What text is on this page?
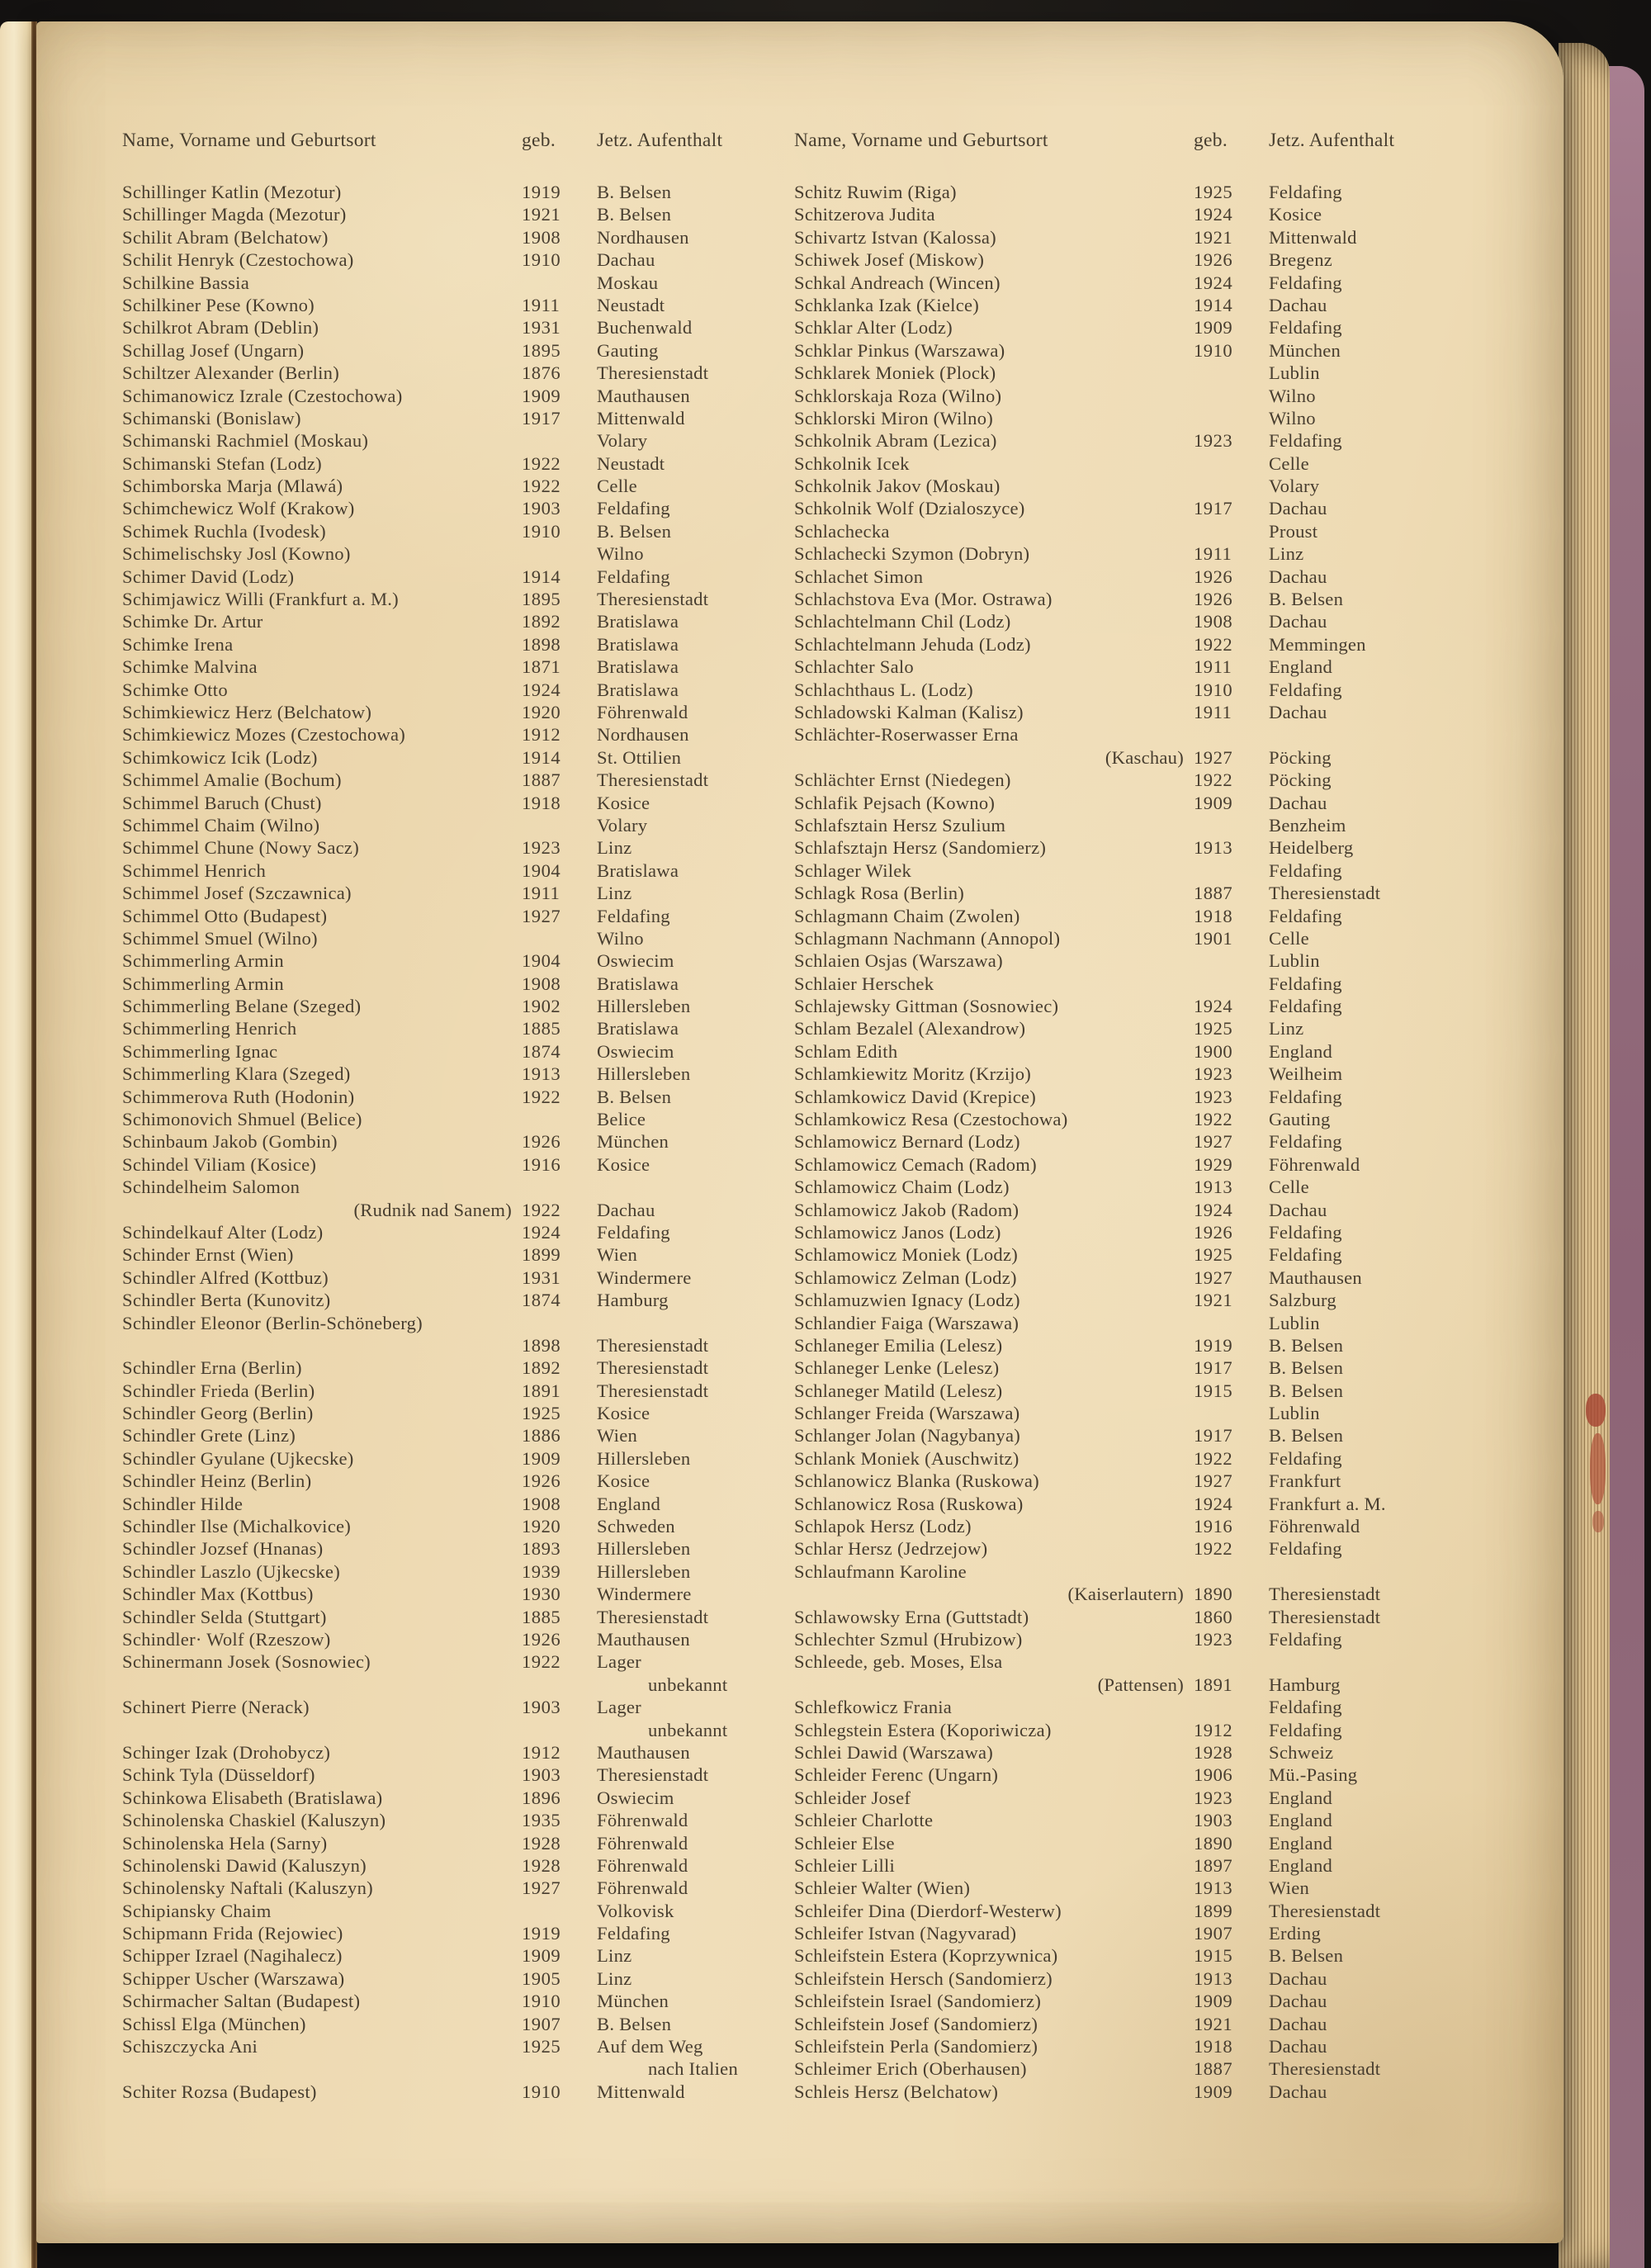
Name, Vorname und Geburtsort	geb. Jetz. Aufenthalt	Name, Vorname und Geburtsort	geb. Jetz. Aufenthalt
Schillinger Katlin (Mezotur)	1919 B. Belsen
Schillinger Magda (Mezotur)	1921 B. Belsen
Schilit Abram (Belchatow)	1908 Nordhausen
Schilit Henryk (Czestochowa)	1910 Dachau
Schilkine Bassia	Moskau
Schilkiner Pese (Kowno)	1911 Neustadt
Schilkrot Abram (Deblin)	1931 Buchenwald
Schillag Josef (Ungarn)	1895 Gauting
Schiltzer Alexander (Berlin)	1876 Theresienstadt
Schimanowicz Izrale (Czestochowa)	1909 Mauthausen
Schimanski (Bonislaw)	1917 Mittenwald
Schimanski Rachmiel (Moskau)	Volary
Schimanski Stefan (Lodz)	1922 Neustadt
Schimborska Marja (Mlawá)	1922 Celle
Schimchewicz Wolf (Krakow)	1903 Feldafing
Schimek Ruchla (Ivodesk)	1910 B. Belsen
Schimelischsky Josl (Kowno)	Wilno
Schimer David (Lodz)	1914 Feldafing
Schimjawicz Willi (Frankfurt a. M.)	1895 Theresienstadt
Schimke Dr. Artur	1892 Bratislawa
Schimke Irena	1898 Bratislawa
Schimke Malvina	1871 Bratislawa
Schimke Otto	1924 Bratislawa
Schimkiewicz Herz (Belchatow)	1920 Föhrenwald
Schimkiewicz Mozes (Czestochowa)	1912 Nordhausen
Schimkowicz Icik (Lodz)	1914 St. Ottilien
Schimmel Amalie (Bochum)	1887 Theresienstadt
Schimmel Baruch (Chust)	1918 Kosice
Schimmel Chaim (Wilno)	Volary
Schimmel Chune (Nowy Sacz)	1923 Linz
Schimmel Henrich	1904 Bratislawa
Schimmel Josef (Szczawnica)	1911 Linz
Schimmel Otto (Budapest)	1927 Feldafing
Schimmel Smuel (Wilno)	Wilno
Schimmerling Armin	1904 Oswiecim
Schimmerling Armin	1908 Bratislawa
Schimmerling Belane (Szeged)	1902 Hillersleben
Schimmerling Henrich	1885 Bratislawa
Schimmerling Ignac	1874 Oswiecim
Schimmerling Klara (Szeged)	1913 Hillersleben
Schimmerova Ruth (Hodonin)	1922 B. Belsen
Schimonovich Shmuel (Belice)	Belice
Schinbaum Jakob (Gombin)	1926 München
Schindel Viliam (Kosice)	1916 Kosice
Schindelheim Salomon
(Rudnik nad Sanem) 1922 Dachau
Schindelkauf Alter (Lodz)	1924 Feldafing
Schinder Ernst (Wien)	1899 Wien
Schindler Alfred (Kottbuz)	1931 Windermere
Schindler Berta (Kunovitz)	1874 Hamburg
Schindler Eleonor (Berlin-Schöneberg)
1898 Theresienstadt
Schindler Erna (Berlin)	1892 Theresienstadt
Schindler Frieda (Berlin)	1891 Theresienstadt
Schindler Georg (Berlin)	1925 Kosice
Schindler Grete (Linz)	1886 Wien
Schindler Gyulane (Ujkecske)	1909 Hillersleben
Schindler Heinz (Berlin)	1926 Kosice
Schindler Hilde	1908 England
Schindler Ilse (Michalkovice)	1920 Schweden
Schindler Jozsef (Hnanas)	1893 Hillersleben
Schindler Laszlo (Ujkecske)	1939 Hillersleben
Schindler Max (Kottbus)	1930 Windermere
Schindler Selda (Stuttgart)	1885 Theresienstadt
Schindler· Wolf (Rzeszow)	1926 Mauthausen
Schinermann Josek (Sosnowiec)	1922 Lager
unbekannt
Schinert Pierre (Nerack)	1903 Lager
unbekannt
Schinger Izak (Drohobycz)	1912 Mauthausen
Schink Tyla (Düsseldorf)	1903 Theresienstadt
Schinkowa Elisabeth (Bratislawa)	1896 Oswiecim
Schinolenska Chaskiel (Kaluszyn)	1935 Föhrenwald
Schinolenska Hela (Sarny)	1928 Föhrenwald
Schinolenski Dawid (Kaluszyn)	1928 Föhrenwald
Schinolensky Naftali (Kaluszyn)	1927 Föhrenwald
Schipiansky Chaim	Volkovisk
Schipmann Frida (Rejowiec)	1919 Feldafing
Schipper Izrael (Nagihalecz)	1909 Linz
Schipper Uscher (Warszawa)	1905 Linz
Schirmacher Saltan (Budapest)	1910 München
Schissl Elga (München)	1907 B. Belsen
Schiszczycka Ani	1925 Auf dem Weg
nach Italien
Schiter Rozsa (Budapest)	1910 Mittenwald
Schitz Ruwim (Riga)	1925 Feldafing
Schitzerova Judita	1924 Kosice
Schivartz Istvan (Kalossa)	1921 Mittenwald
Schiwek Josef (Miskow)	1926 Bregenz
Schkal Andreach (Wincen)	1924 Feldafing
Schklanka Izak (Kielce)	1914 Dachau
Schklar Alter (Lodz)	1909 Feldafing
Schklar Pinkus (Warszawa)	1910 München
Schklarek Moniek (Plock)	Lublin
Schklorskaja Roza (Wilno)	Wilno
Schklorski Miron (Wilno)	Wilno
Schkolnik Abram (Lezica)	1923 Feldafing
Schkolnik Icek	Celle
Schkolnik Jakov (Moskau)	Volary
Schkolnik Wolf (Dzialoszyce)	1917 Dachau
Schlachecka	Proust
Schlachecki Szymon (Dobryn)	1911 Linz
Schlachet Simon	1926 Dachau
Schlachstova Eva (Mor. Ostrawa)	1926 B. Belsen
Schlachtelmann Chil (Lodz)	1908 Dachau
Schlachtelmann Jehuda (Lodz)	1922 Memmingen
Schlachter Salo	1911 England
Schlachthaus L. (Lodz)	1910 Feldafing
Schladowski Kalman (Kalisz)	1911 Dachau
Schlächter-Roserwasser Erna
(Kaschau) 1927 Pöcking
Schlächter Ernst (Niedegen)	1922 Pöcking
Schlafik Pejsach (Kowno)	1909 Dachau
Schlafsztain Hersz Szulium	Benzheim
Schlafsztajn Hersz (Sandomierz)	1913 Heidelberg
Schlager Wilek	Feldafing
Schlagk Rosa (Berlin)	1887 Theresienstadt
Schlagmann Chaim (Zwolen)	1918 Feldafing
Schlagmann Nachmann (Annopol)	1901 Celle
Schlaien Osjas (Warszawa)	Lublin
Schlaier Herschek	Feldafing
Schlajewsky Gittman (Sosnowiec)	1924 Feldafing
Schlam Bezalel (Alexandrow)	1925 Linz
Schlam Edith	1900 England
Schlamkiewitz Moritz (Krzijo)	1923 Weilheim
Schlamkowicz David (Krepice)	1923 Feldafing
Schlamkowicz Resa (Czestochowa)	1922 Gauting
Schlamowicz Bernard (Lodz)	1927 Feldafing
Schlamowicz Cemach (Radom)	1929 Föhrenwald
Schlamowicz Chaim (Lodz)	1913 Celle
Schlamowicz Jakob (Radom)	1924 Dachau
Schlamowicz Janos (Lodz)	1926 Feldafing
Schlamowicz Moniek (Lodz)	1925 Feldafing
Schlamowicz Zelman (Lodz)	1927 Mauthausen
Schlamuzwien Ignacy (Lodz)	1921 Salzburg
Schlandier Faiga (Warszawa)	Lublin
Schlaneger Emilia (Lelesz)	1919 B. Belsen
Schlaneger Lenke (Lelesz)	1917 B. Belsen
Schlaneger Matild (Lelesz)	1915 B. Belsen
Schlanger Freida (Warszawa)	Lublin
Schlanger Jolan (Nagybanya)	1917 B. Belsen
Schlank Moniek (Auschwitz)	1922 Feldafing
Schlanowicz Blanka (Ruskowa)	1927 Frankfurt
Schlanowicz Rosa (Ruskowa)	1924 Frankfurt a. M.
Schlapok Hersz (Lodz)	1916 Föhrenwald
Schlar Hersz (Jedrzejow)	1922 Feldafing
Schlaufmann Karoline
(Kaiserlautern) 1890 Theresienstadt
Schlawowsky Erna (Guttstadt)	1860 Theresienstadt
Schlechter Szmul (Hrubizow)	1923 Feldafing
Schleede, geb. Moses, Elsa
(Pattensen) 1891 Hamburg
Schlefkowicz Frania	Feldafing
Schlegstein Estera (Koporiwicza)	1912 Feldafing
Schlei Dawid (Warszawa)	1928 Schweiz
Schleider Ferenc (Ungarn)	1906 Mü.-Pasing
Schleider Josef	1923 England
Schleier Charlotte	1903 England
Schleier Else	1890 England
Schleier Lilli	1897 England
Schleier Walter (Wien)	1913 Wien
Schleifer Dina (Dierdorf-Westerw)	1899 Theresienstadt
Schleifer Istvan (Nagyvarad)	1907 Erding
Schleifstein Estera (Koprzywnica)	1915 B. Belsen
Schleifstein Hersch (Sandomierz)	1913 Dachau
Schleifstein Israel (Sandomierz)	1909 Dachau
Schleifstein Josef (Sandomierz)	1921 Dachau
Schleifstein Perla (Sandomierz)	1918 Dachau
Schleimer Erich (Oberhausen)	1887 Theresienstadt
Schleis Hersz (Belchatow)	1909 Dachau
